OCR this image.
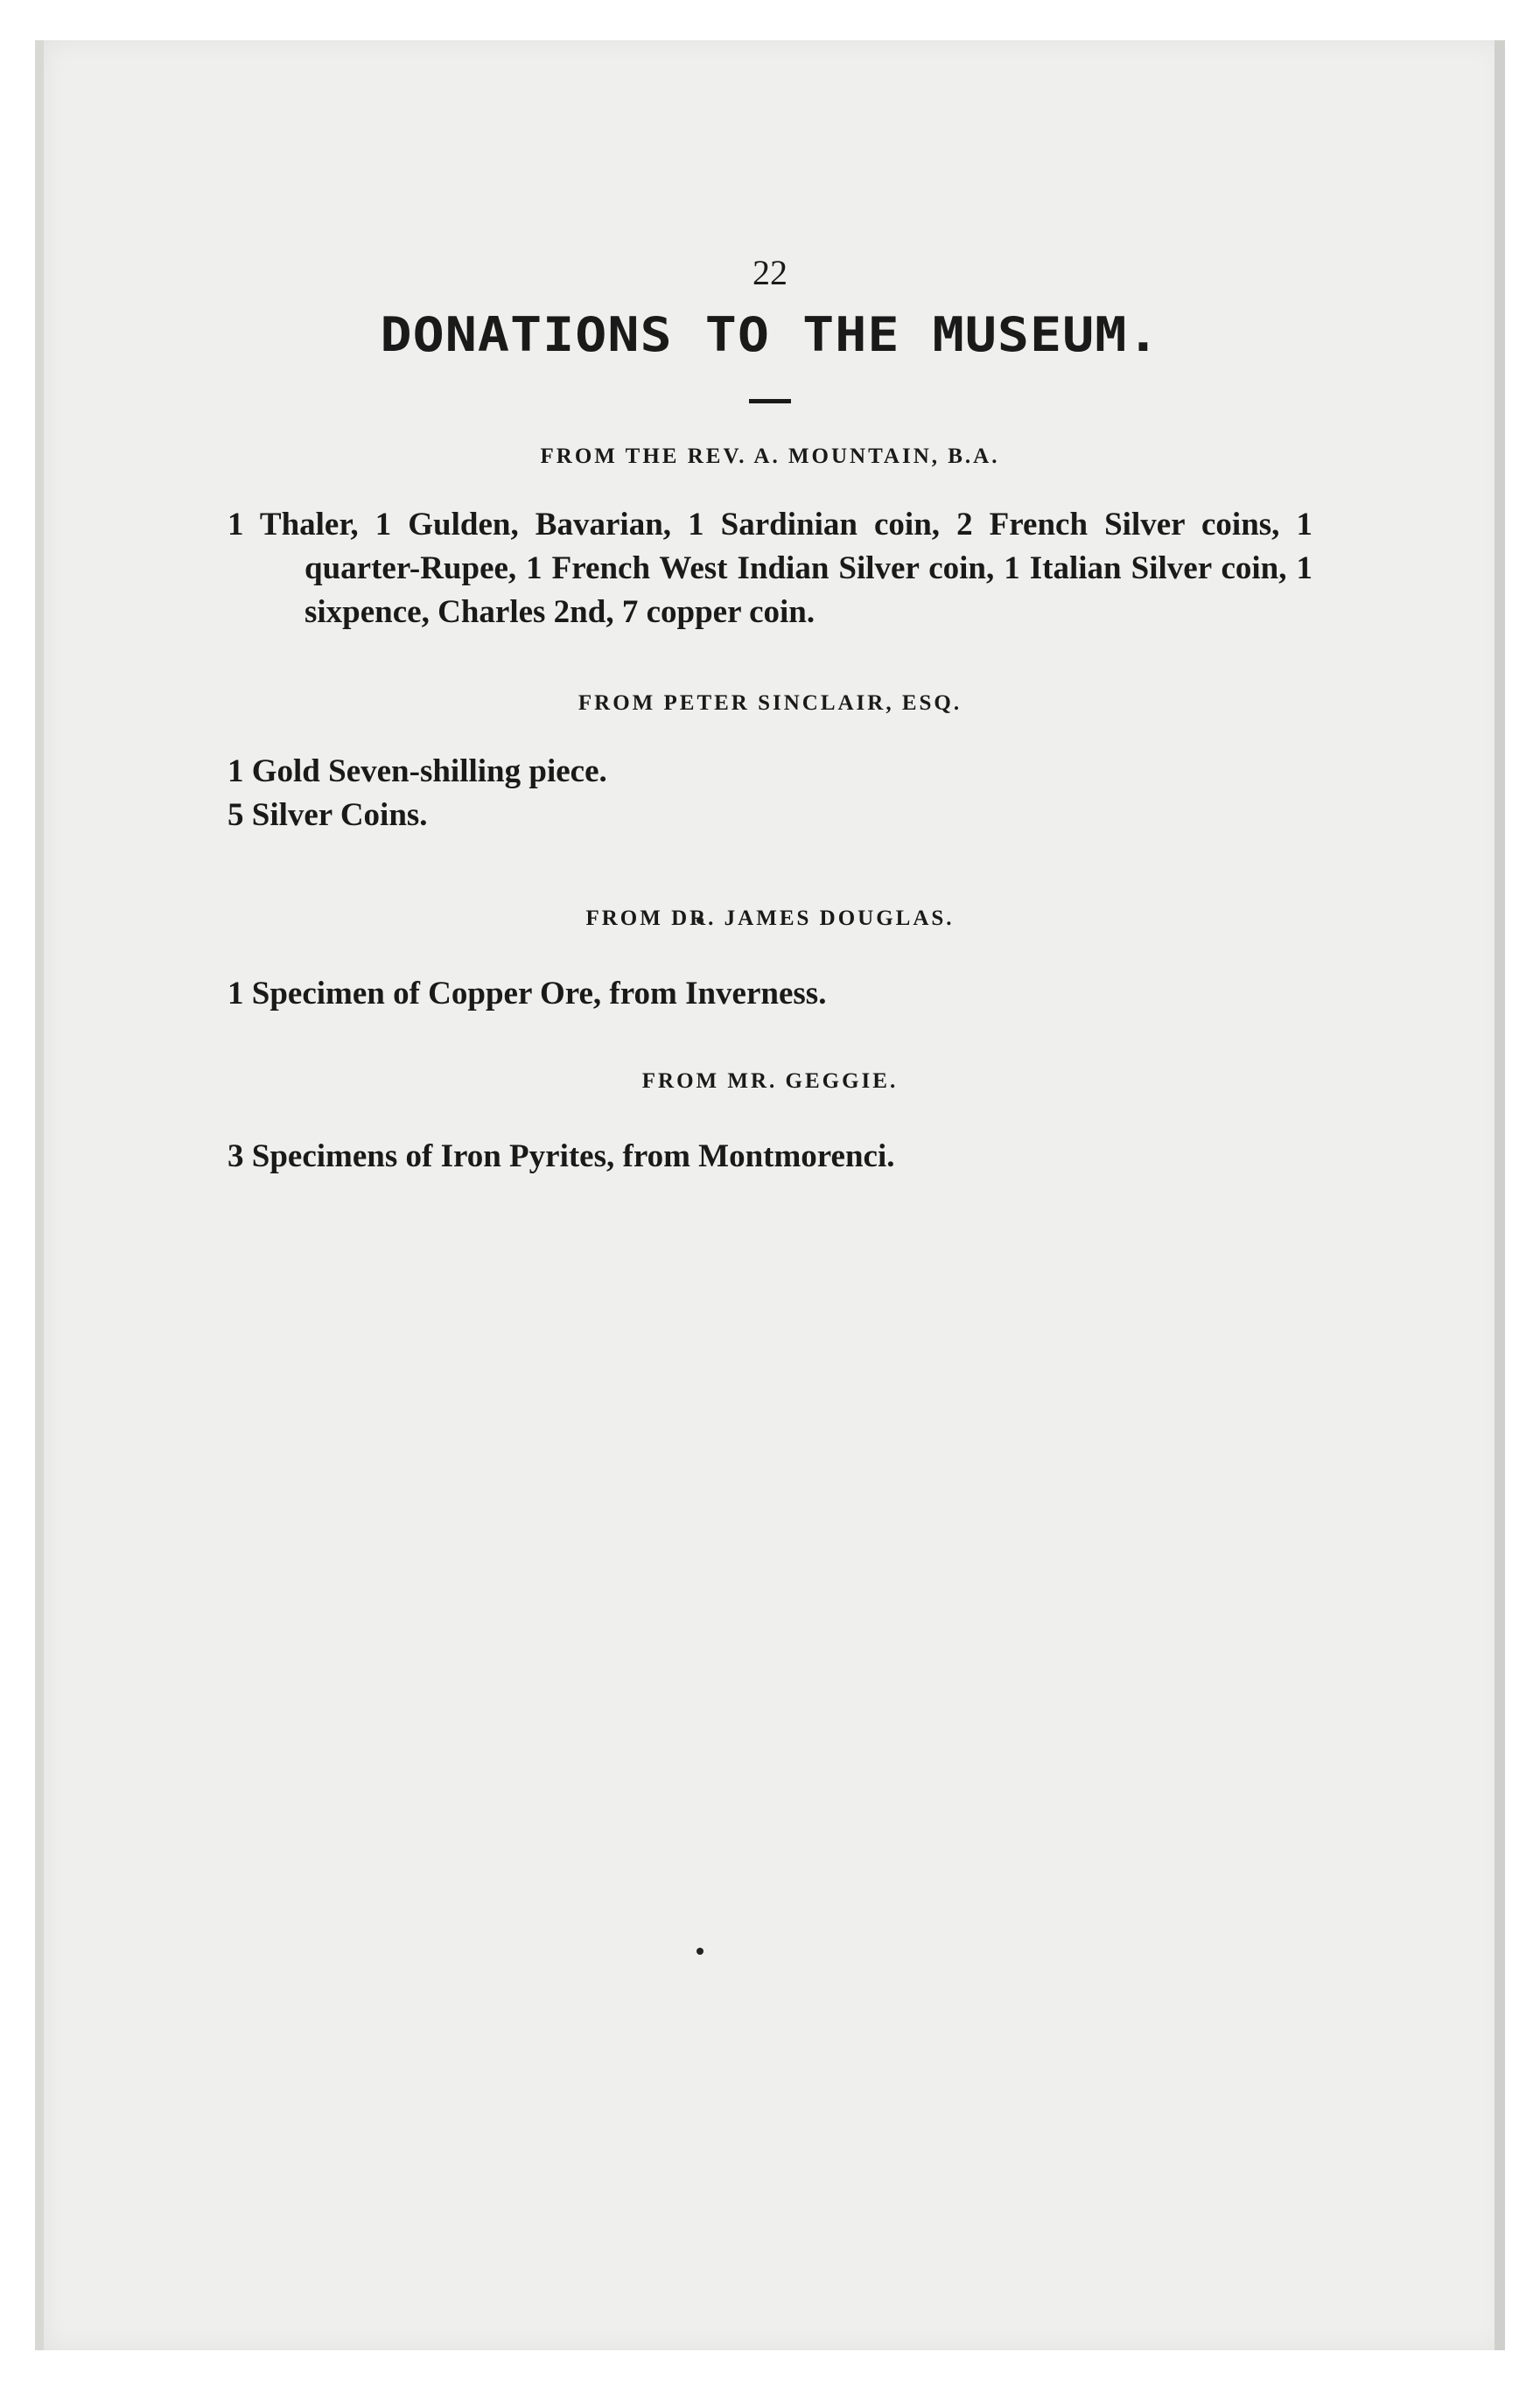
22
DONATIONS TO THE MUSEUM.
FROM THE REV. A. MOUNTAIN, B.A.
1 Thaler, 1 Gulden, Bavarian, 1 Sardinian coin, 2 French Silver coins, 1 quarter-Rupee, 1 French West Indian Silver coin, 1 Italian Silver coin, 1 sixpence, Charles 2nd, 7 copper coin.
FROM PETER SINCLAIR, ESQ.
1 Gold Seven-shilling piece.
5 Silver Coins.
FROM DR. JAMES DOUGLAS.
1 Specimen of Copper Ore, from Inverness.
FROM MR. GEGGIE.
3 Specimens of Iron Pyrites, from Montmorenci.
